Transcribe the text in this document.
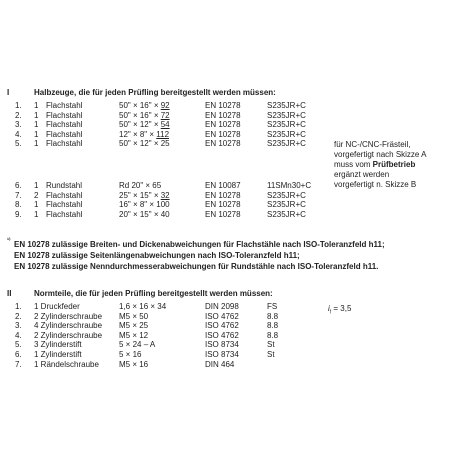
I	Halbzeuge, die für jeden Prüfling bereitgestellt werden müssen:
1. 1 Flachstahl	50" × 16" × 92	EN 10278	S235JR+C
2. 1 Flachstahl	50" × 16" × 72	EN 10278	S235JR+C
3. 1 Flachstahl	50" × 12" × 54	EN 10278	S235JR+C
4. 1 Flachstahl	12" × 8" × 112	EN 10278	S235JR+C
5. 1 Flachstahl	50" × 12" × 25	EN 10278	S235JR+C
6. 1 Rundstahl	Rd 20" × 65	EN 10087	11SMn30+C
7. 2 Flachstahl	25" × 15" × 32	EN 10278	S235JR+C
8. 1 Flachstahl	16" × 8" × 100	EN 10278	S235JR+C
9. 1 Flachstahl	20" × 15" × 40	EN 10278	S235JR+C
für NC-/CNC-Frästeil,
vorgefertigt nach Skizze A
muss vom Prüfbetrieb
ergänzt werden
vorgefertigt n. Skizze B
¹⁾ EN 10278 zulässige Breiten- und Dickenabweichungen für Flachstähle nach ISO-Toleranzfeld h11;
EN 10278 zulässige Seitenlängenabweichungen nach ISO-Toleranzfeld h11;
EN 10278 zulässige Nenndurchmesserabweichungen für Rundstähle nach ISO-Toleranzfeld h11.
II	Normteile, die für jeden Prüfling bereitgestellt werden müssen:
1. 1 Druckfeder	1,6 × 16 × 34	DIN 2098	FS
2. 2 Zylinderschraube M5 × 50	ISO 4762	8.8
3. 4 Zylinderschraube M5 × 25	ISO 4762	8.8
4. 2 Zylinderschraube M5 × 12	ISO 4762	8.8
5. 3 Zylinderstift	5 × 24 – A	ISO 8734	St
6. 1 Zylinderstift	5 × 16	ISO 8734	St
7. 1 Rändelschraube	M5 × 16	DIN 464
$i_f = 3,5$
